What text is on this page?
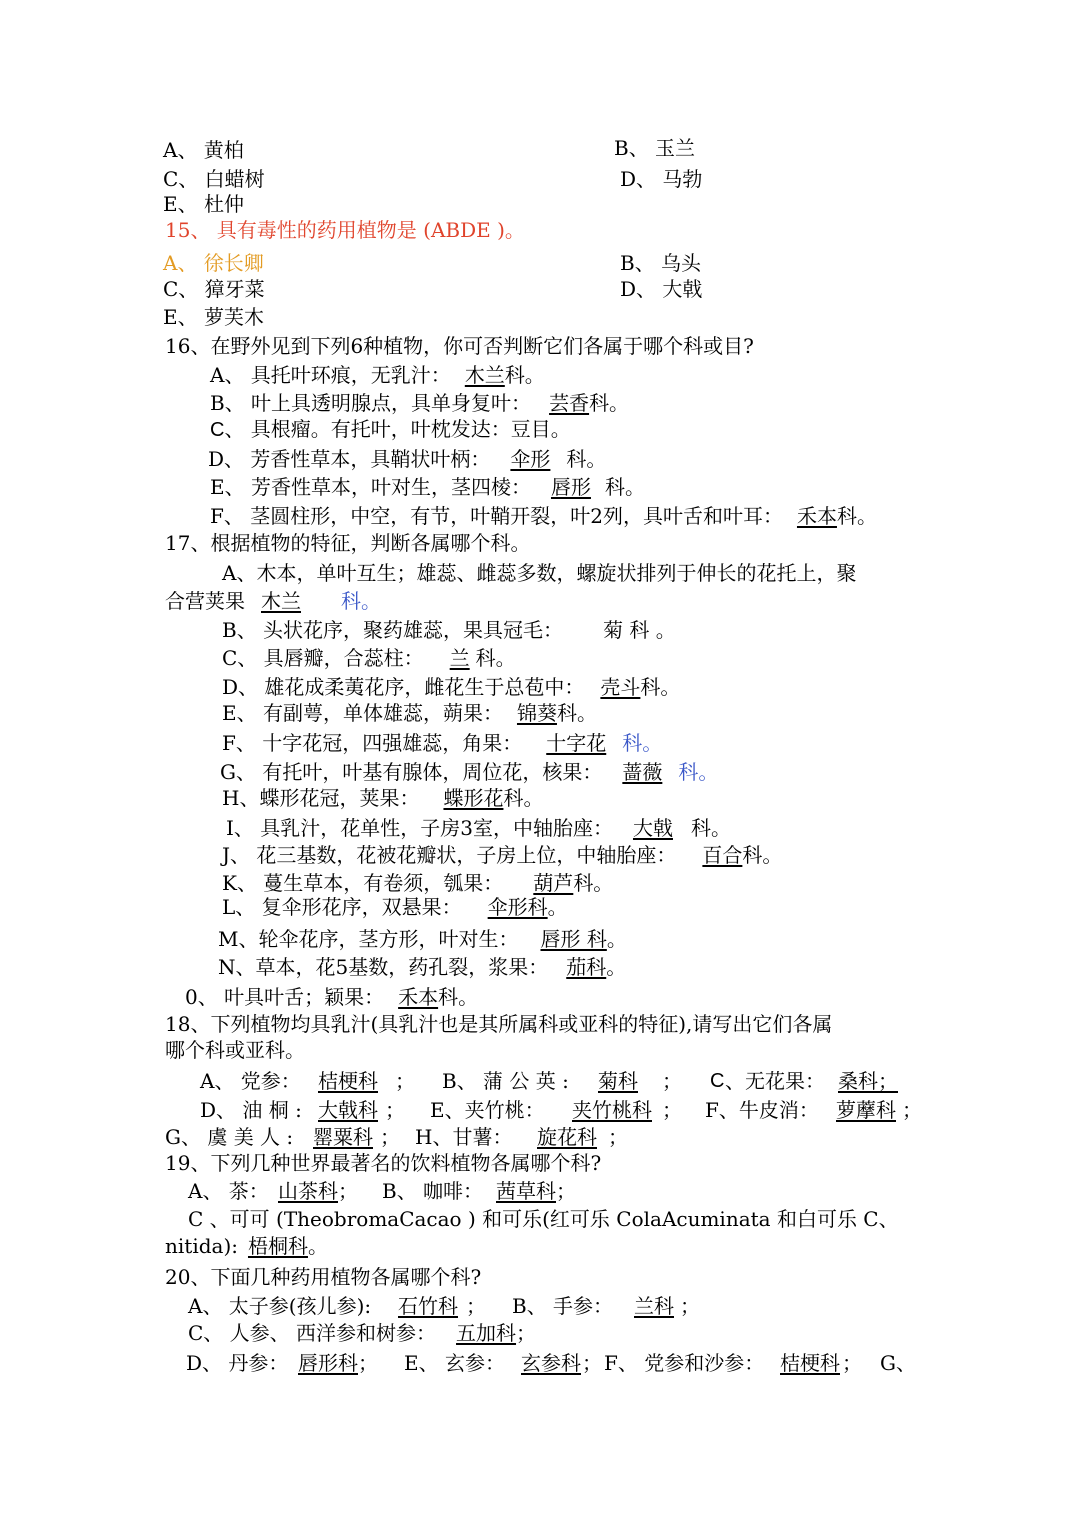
A、 黄柏	B、 玉兰
C、 白蜡树	D、 马勃
E、 杜仲
15、 具有毒性的药用植物是 (ABDE )。
A、 徐长卿	B、 乌头
C、 獐牙菜	D、 大戟
E、 萝芙木
16、在野外见到下列6种植物，你可否判断它们各属于哪个科或目?
A、 具托叶环痕，无乳汁： 木兰科。
B、 叶上具透明腺点，具单身复叶： 芸香科。
C、 具根瘤。有托叶，叶枕发达：豆目。
D、 芳香性草本，具鞘状叶柄： 伞形 科。
E、 芳香性草本，叶对生，茎四棱： 唇形 科。
F、 茎圆柱形，中空，有节，叶鞘开裂，叶2列，具叶舌和叶耳： 禾本科。
17、根据植物的特征，判断各属哪个科。
A、木本，单叶互生；雄蕊、雌蕊多数，螺旋状排列于伸长的花托上，聚
合营荚果 木兰 科。
B、 头状花序，聚药雄蕊，果具冠毛： 菊 科 。
C、 具唇瓣，合蕊柱： 兰 科。
D、 雄花成柔荑花序，雌花生于总苞中： 壳斗科。
E、 有副萼，单体雄蕊，蒴果： 锦葵科。
F、 十字花冠，四强雄蕊，角果： 十字花 科。
G、 有托叶，叶基有腺体，周位花，核果： 蔷薇 科。
H、蝶形花冠，荚果： 蝶形花科。
I、 具乳汁，花单性，子房3室，中轴胎座： 大戟 科。
J、 花三基数，花被花瓣状，子房上位，中轴胎座： 百合科。
K、 蔓生草本，有卷须，瓠果： 葫芦科。
L、 复伞形花序，双悬果： 伞形科。
M、轮伞花序，茎方形，叶对生： 唇形 科。
N、草本，花5基数，药孔裂，浆果： 茄科。
0、 叶具叶舌；颖果： 禾本科。
18、下列植物均具乳汁(具乳汁也是其所属科或亚科的特征),请写出它们各属
哪个科或亚科。
A、 党参： 桔梗科 ； B、 蒲 公 英 : 菊科 ； C 、无花果： 桑科；
D、 油 桐 : 大戟科 ； E、夹竹桃： 夹竹桃科 ； F、牛皮消： 萝藦科 ；
G、 虞 美 人 : 罂粟科 ； H、甘薯： 旋花科 ；
19、下列几种世界最著名的饮料植物各属哪个科?
A、 茶： 山茶科 ； B、 咖啡： 茜草科 ；
C 、可可 (TheobromaCacao ) 和可乐(红可乐 ColaAcuminata 和白可乐 C、
nitida): 梧桐科。
20、下面几种药用植物各属哪个科?
A、 太子参(孩儿参): 石竹科 ； B、 手参： 兰科 ；
C、 人参、 西洋参和树参： 五加科；
D、 丹参： 唇形科 ； E、 玄参： 玄参科 ； F、 党参和沙参： 桔梗科 ； G、
